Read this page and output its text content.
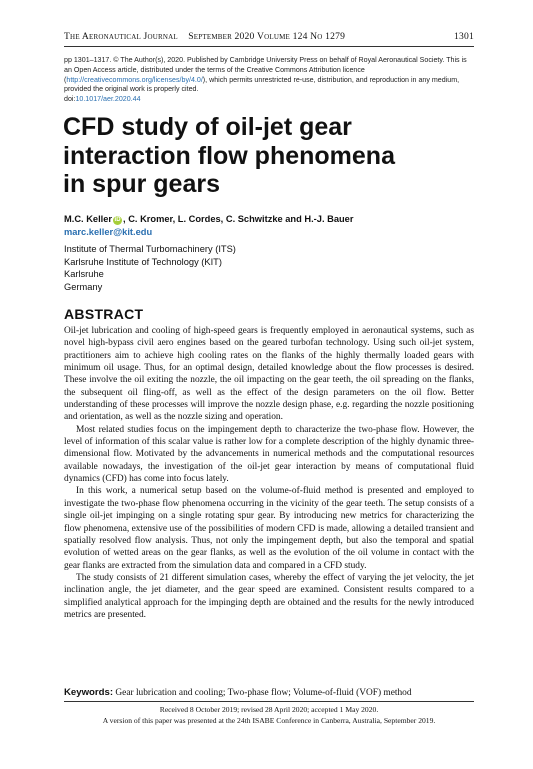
The Aeronautical Journal September 2020 Volume 124 No 1279	1301
pp 1301–1317. © The Author(s), 2020. Published by Cambridge University Press on behalf of Royal Aeronautical Society. This is an Open Access article, distributed under the terms of the Creative Commons Attribution licence (http://creativecommons.org/licenses/by/4.0/), which permits unrestricted re-use, distribution, and reproduction in any medium, provided the original work is properly cited.
doi:10.1017/aer.2020.44
CFD study of oil-jet gear
interaction flow phenomena
in spur gears
M.C. Keller iD , C. Kromer, L. Cordes, C. Schwitzke and H.-J. Bauer
marc.keller@kit.edu
Institute of Thermal Turbomachinery (ITS)
Karlsruhe Institute of Technology (KIT)
Karlsruhe
Germany
ABSTRACT

Oil-jet lubrication and cooling of high-speed gears is frequently employed in aeronautical systems, such as novel high-bypass civil aero engines based on the geared turbofan technology. Using such oil-jet system, practitioners aim to achieve high cooling rates on the flanks of the highly thermally loaded gears with minimum oil usage. Thus, for an optimal design, detailed knowledge about the flow processes is desired. These involve the oil exiting the nozzle, the oil impacting on the gear teeth, the oil spreading on the flanks, the subsequent oil fling-off, as well as the effect of the design parameters on the oil flow. Better understanding of these processes will improve the nozzle design phase, e.g. regarding the nozzle positioning and orientation, as well as the nozzle sizing and operation.

Most related studies focus on the impingement depth to characterize the two-phase flow. However, the level of information of this scalar value is rather low for a complete description of the highly dynamic three-dimensional flow. Motivated by the advancements in numerical methods and the computational resources available nowadays, the investigation of the oil-jet gear interaction by means of computational fluid dynamics (CFD) has come into focus lately.

In this work, a numerical setup based on the volume-of-fluid method is presented and employed to investigate the two-phase flow phenomena occurring in the vicinity of the gear teeth. The setup consists of a single oil-jet impinging on a single rotating spur gear. By introducing new metrics for characterizing the flow phenomena, extensive use of the possibilities of modern CFD is made, allowing a detailed transient and spatially resolved flow analysis. Thus, not only the impingement depth, but also the temporal and spatial evolution of wetted areas on the gear flanks, as well as the evolution of the oil volume in contact with the gear flanks are extracted from the simulation data and compared in a CFD study.

The study consists of 21 different simulation cases, whereby the effect of varying the jet velocity, the jet inclination angle, the jet diameter, and the gear speed are examined. Consistent results compared to a simplified analytical approach for the impinging depth are obtained and the results for the newly introduced metrics are presented.

Keywords: Gear lubrication and cooling; Two-phase flow; Volume-of-fluid (VOF) method
Received 8 October 2019; revised 28 April 2020; accepted 1 May 2020.
A version of this paper was presented at the 24th ISABE Conference in Canberra, Australia, September 2019.
